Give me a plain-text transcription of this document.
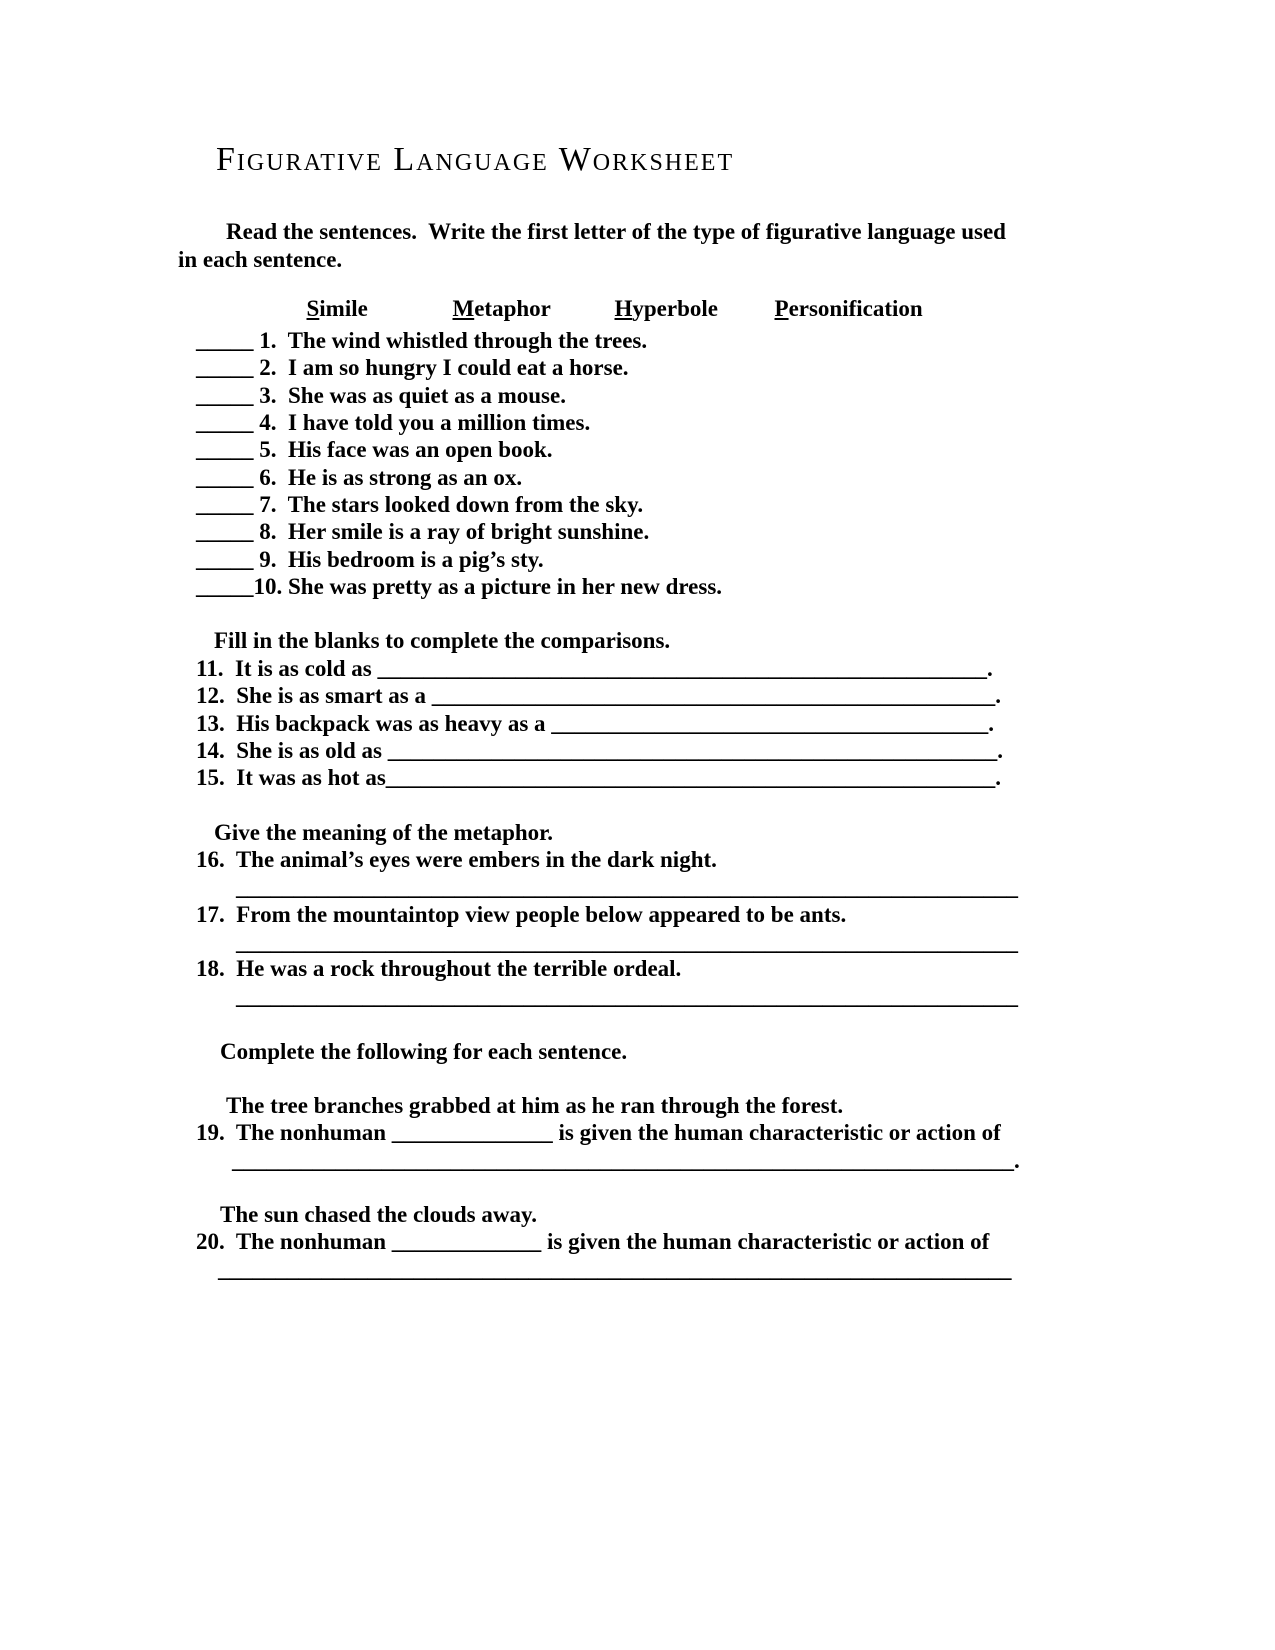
Figurative Language Worksheet
Read the sentences.  Write the first letter of the type of figurative language used
in each sentence.

Simile	Metaphor	Hyperbole	Personification

_____ 1.  The wind whistled through the trees.
_____ 2.  I am so hungry I could eat a horse.
_____ 3.  She was as quiet as a mouse.
_____ 4.  I have told you a million times.
_____ 5.  His face was an open book.
_____ 6.  He is as strong as an ox.
_____ 7.  The stars looked down from the sky.
_____ 8.  Her smile is a ray of bright sunshine.
_____ 9.  His bedroom is a pig’s sty.
_____10. She was pretty as a picture in her new dress.
Fill in the blanks to complete the comparisons.
11.  It is as cold as _____________________________________________________.
12.  She is as smart as a _________________________________________________.
13.  His backpack was as heavy as a ______________________________________.
14.  She is as old as _____________________________________________________.
15.  It was as hot as_____________________________________________________.
Give the meaning of the metaphor.
16.  The animal’s eyes were embers in the dark night.
____________________________________________________________________
17.  From the mountaintop view people below appeared to be ants.
____________________________________________________________________
18.  He was a rock throughout the terrible ordeal.
____________________________________________________________________
Complete the following for each sentence.
The tree branches grabbed at him as he ran through the forest.
19.  The nonhuman ______________ is given the human characteristic or action of
____________________________________________________________________.
The sun chased the clouds away.
20.  The nonhuman _____________ is given the human characteristic or action of
_____________________________________________________________________
